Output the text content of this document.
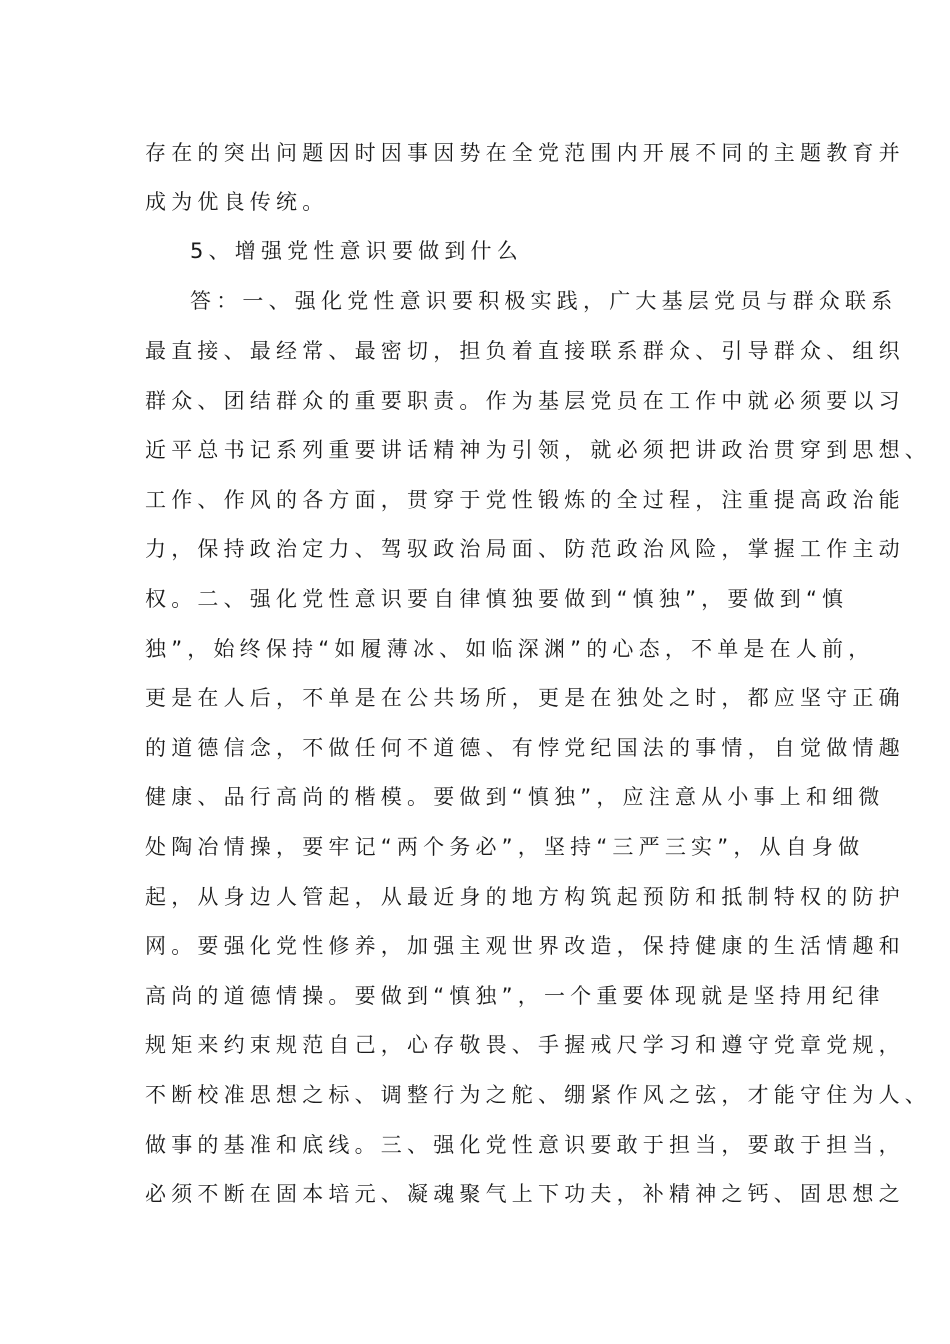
存在的突出问题因时因事因势在全党范围内开展不同的主题教育并
成为优良传统。
5、增强党性意识要做到什么
答：一、强化党性意识要积极实践，广大基层党员与群众联系
最直接、最经常、最密切，担负着直接联系群众、引导群众、组织
群众、团结群众的重要职责。作为基层党员在工作中就必须要以习
近平总书记系列重要讲话精神为引领，就必须把讲政治贯穿到思想、
工作、作风的各方面，贯穿于党性锻炼的全过程，注重提高政治能
力，保持政治定力、驾驭政治局面、防范政治风险，掌握工作主动
权。二、强化党性意识要自律慎独要做到“慎独”，要做到“慎
独”，始终保持“如履薄冰、如临深渊”的心态，不单是在人前，
更是在人后，不单是在公共场所，更是在独处之时，都应坚守正确
的道德信念，不做任何不道德、有悖党纪国法的事情，自觉做情趣
健康、品行高尚的楷模。要做到“慎独”，应注意从小事上和细微
处陶冶情操，要牢记“两个务必”，坚持“三严三实”，从自身做
起，从身边人管起，从最近身的地方构筑起预防和抵制特权的防护
网。要强化党性修养，加强主观世界改造，保持健康的生活情趣和
高尚的道德情操。要做到“慎独”，一个重要体现就是坚持用纪律
规矩来约束规范自己，心存敬畏、手握戒尺学习和遵守党章党规，
不断校准思想之标、调整行为之舵、绷紧作风之弦，才能守住为人、
做事的基准和底线。三、强化党性意识要敢于担当，要敢于担当，
必须不断在固本培元、凝魂聚气上下功夫，补精神之钙、固思想之
